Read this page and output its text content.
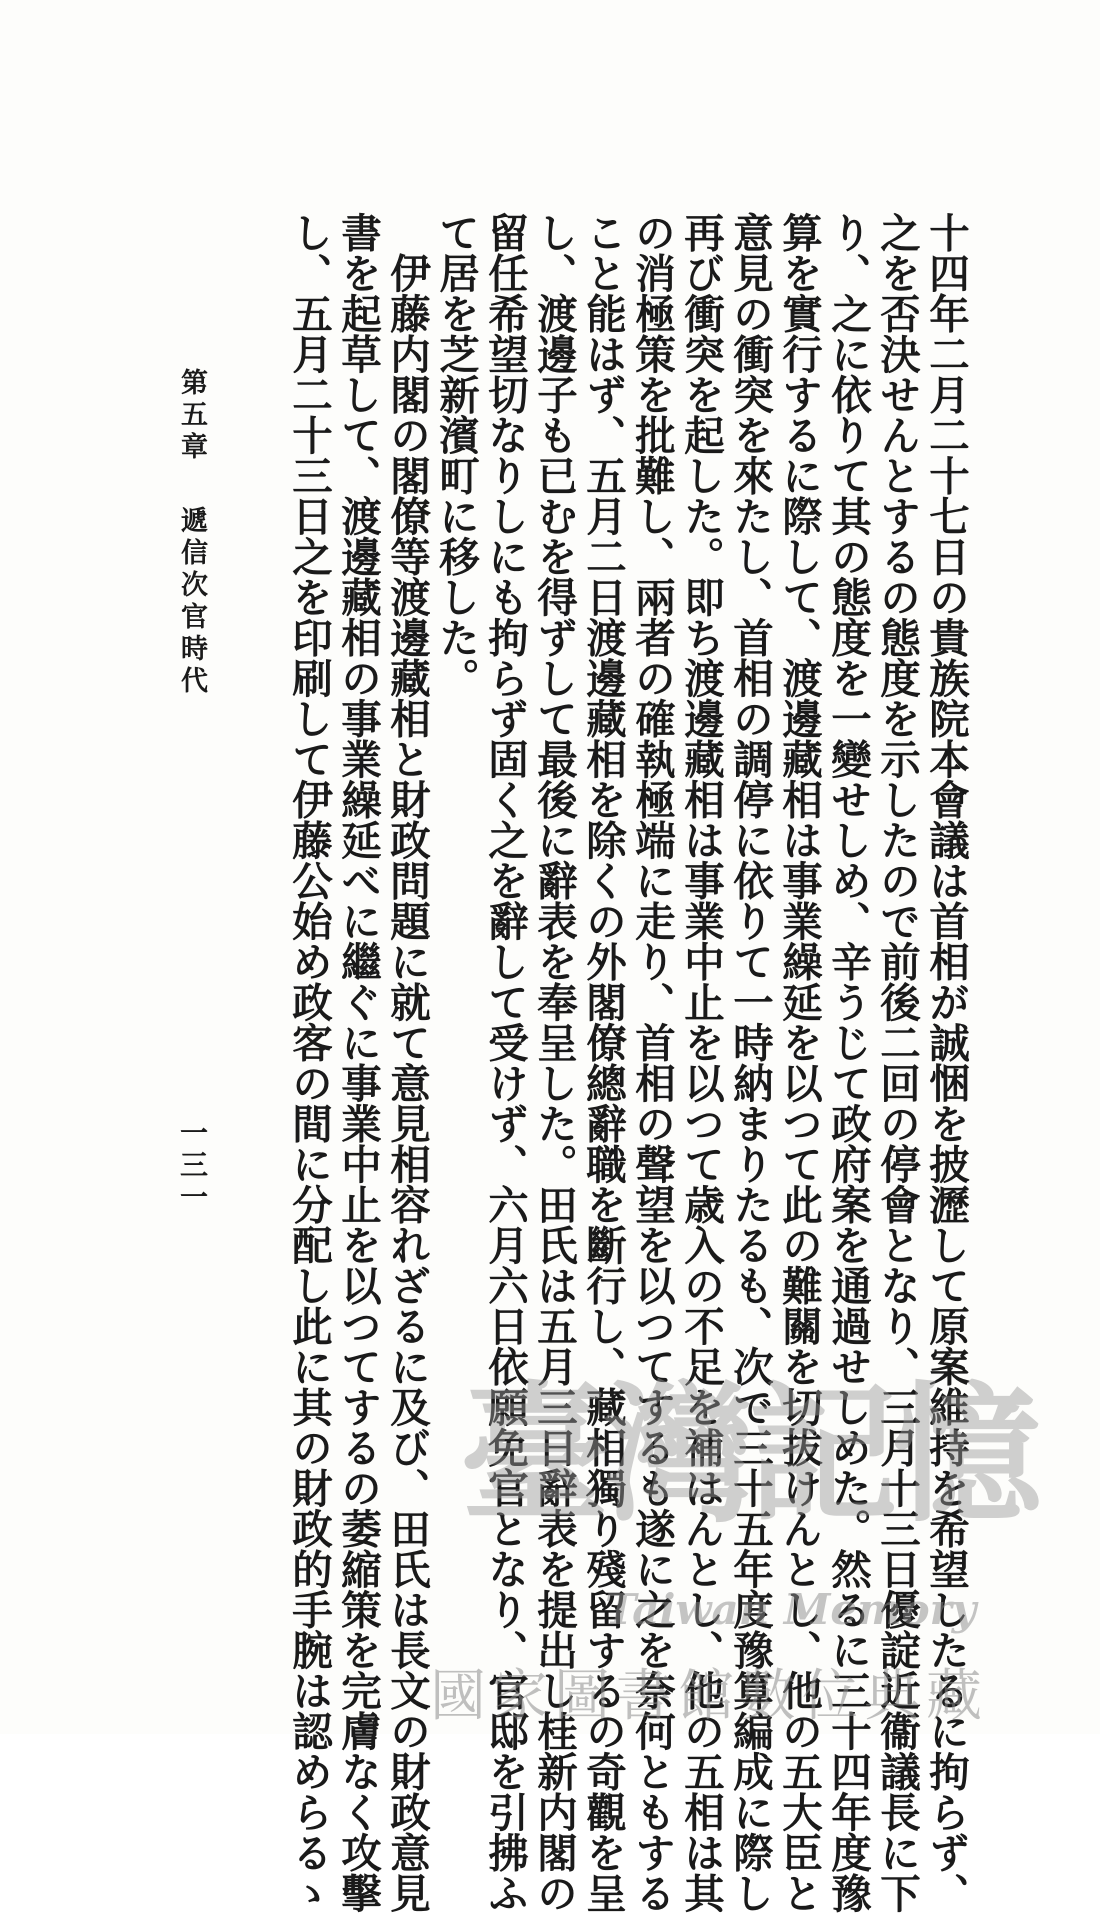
十四年二月二十七日の貴族院本會議は首相が誠悃を披瀝して原案維持を希望したるに拘らず、
之を否決せんとするの態度を示したので前後二回の停會となり、三月十三日優諚近衞議長に下
り、之に依りて其の態度を一變せしめ、辛うじて政府案を通過せしめた。然るに三十四年度豫
算を實行するに際して、渡邊藏相は事業繰延を以つて此の難關を切拔けんとし、他の五大臣と
意見の衝突を來たし、首相の調停に依りて一時納まりたるも、次で三十五年度豫算編成に際し
再び衝突を起した。即ち渡邊藏相は事業中止を以つて歳入の不足を補はんとし、他の五相は其
の消極策を批難し、兩者の確執極端に走り、首相の聲望を以つてするも遂に之を奈何ともする
こと能はず、五月二日渡邊藏相を除くの外閣僚總辭職を斷行し、藏相獨り殘留するの奇觀を呈
し、渡邊子も已むを得ずして最後に辭表を奉呈した。田氏は五月三日辭表を提出し桂新内閣の
留任希望切なりしにも拘らず固く之を辭して受けず、六月六日依願免官となり、官邸を引拂ふ
て居を芝新濱町に移した。
　伊藤内閣の閣僚等渡邊藏相と財政問題に就て意見相容れざるに及び、田氏は長文の財政意見
書を起草して、渡邊藏相の事業繰延べに繼ぐに事業中止を以つてするの萎縮策を完膚なく攻擊
し、五月二十三日之を印刷して伊藤公始め政客の間に分配し此に其の財政的手腕は認めらるゝ
第五章遞信次官時代
一三一
臺灣記憶
Taiwan Memory
國家圖書館數位典藏
